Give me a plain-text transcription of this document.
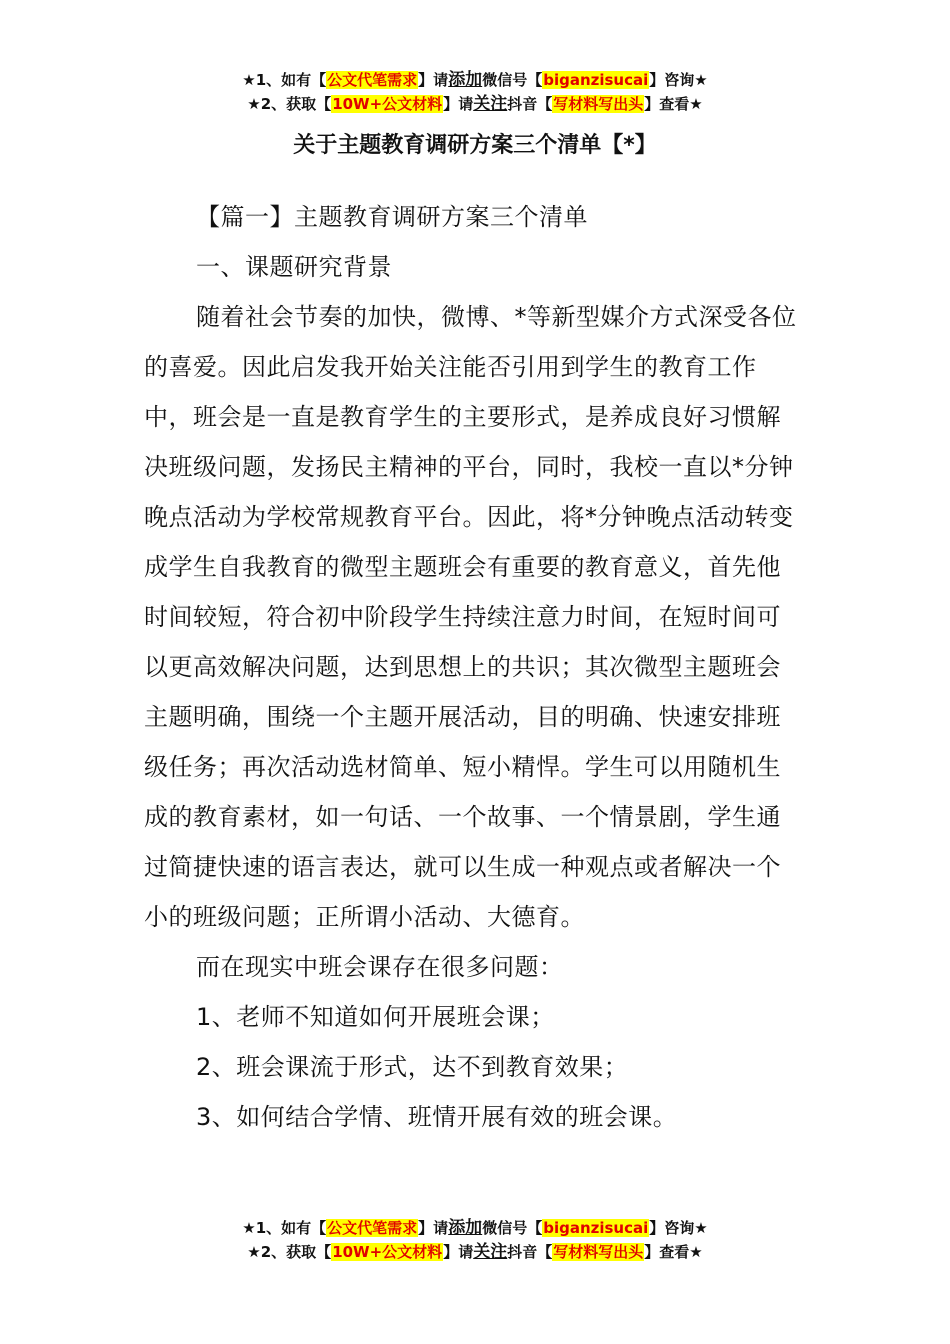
★1、如有【公文代笔需求】请添加微信号【biganzisucai】咨询★
★2、获取【10W+公文材料】请关注抖音【写材料写出头】查看★
关于主题教育调研方案三个清单【*】

【篇一】主题教育调研方案三个清单

一、课题研究背景

随着社会节奏的加快，微博、*等新型媒介方式深受各位的喜爱。因此启发我开始关注能否引用到学生的教育工作中，班会是一直是教育学生的主要形式，是养成良好习惯解决班级问题，发扬民主精神的平台，同时，我校一直以*分钟晚点活动为学校常规教育平台。因此，将*分钟晚点活动转变成学生自我教育的微型主题班会有重要的教育意义，首先他时间较短，符合初中阶段学生持续注意力时间，在短时间可以更高效解决问题，达到思想上的共识；其次微型主题班会主题明确，围绕一个主题开展活动，目的明确、快速安排班级任务；再次活动选材简单、短小精悍。学生可以用随机生成的教育素材，如一句话、一个故事、一个情景剧，学生通过简捷快速的语言表达，就可以生成一种观点或者解决一个小的班级问题；正所谓小活动、大德育。

而在现实中班会课存在很多问题：

1、老师不知道如何开展班会课；

2、班会课流于形式，达不到教育效果；

3、如何结合学情、班情开展有效的班会课。

★1、如有【公文代笔需求】请添加微信号【biganzisucai】咨询★
★2、获取【10W+公文材料】请关注抖音【写材料写出头】查看★
